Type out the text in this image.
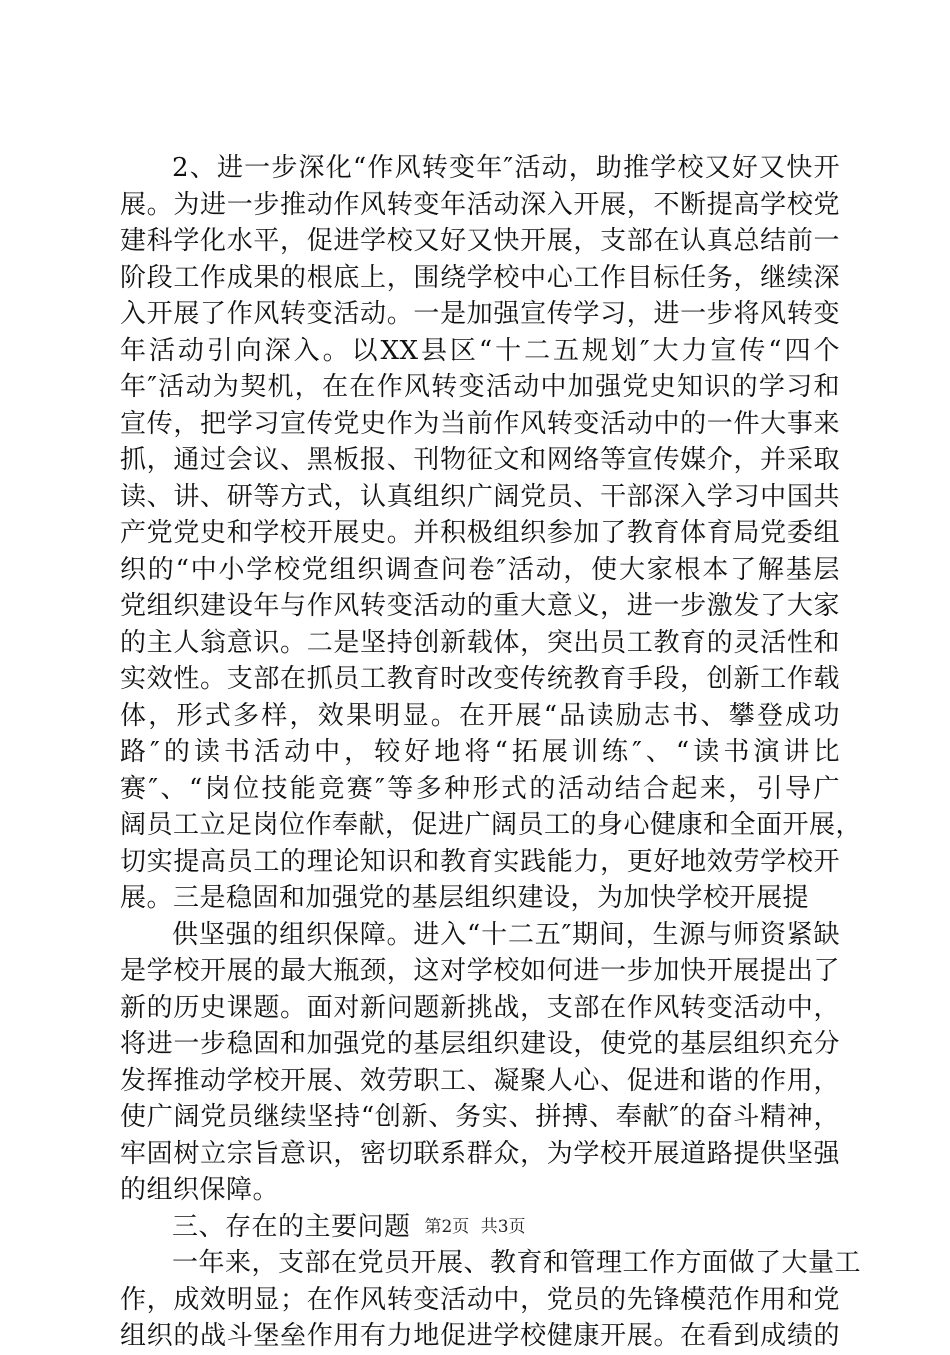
2、进一步深化“作风转变年″活动，助推学校又好又快开
展。为进一步推动作风转变年活动深入开展，不断提高学校党
建科学化水平，促进学校又好又快开展，支部在认真总结前一
阶段工作成果的根底上，围绕学校中心工作目标任务，继续深
入开展了作风转变活动。一是加强宣传学习，进一步将风转变
年活动引向深入。以XX县区“十二五规划″大力宣传“四个
年″活动为契机，在在作风转变活动中加强党史知识的学习和
宣传，把学习宣传党史作为当前作风转变活动中的一件大事来
抓，通过会议、黑板报、刊物征文和网络等宣传媒介，并采取
读、讲、研等方式，认真组织广阔党员、干部深入学习中国共
产党党史和学校开展史。并积极组织参加了教育体育局党委组
织的“中小学校党组织调查问卷″活动，使大家根本了解基层
党组织建设年与作风转变活动的重大意义，进一步激发了大家
的主人翁意识。二是坚持创新载体，突出员工教育的灵活性和
实效性。支部在抓员工教育时改变传统教育手段，创新工作载
体，形式多样，效果明显。在开展“品读励志书、攀登成功
路″的读书活动中，较好地将“拓展训练″、“读书演讲比
赛″、“岗位技能竞赛″等多种形式的活动结合起来，引导广
阔员工立足岗位作奉献，促进广阔员工的身心健康和全面开展，
切实提高员工的理论知识和教育实践能力，更好地效劳学校开
展。三是稳固和加强党的基层组织建设，为加快学校开展提
供坚强的组织保障。进入“十二五″期间，生源与师资紧缺
是学校开展的最大瓶颈，这对学校如何进一步加快开展提出了
新的历史课题。面对新问题新挑战，支部在作风转变活动中，
将进一步稳固和加强党的基层组织建设，使党的基层组织充分
发挥推动学校开展、效劳职工、凝聚人心、促进和谐的作用，
使广阔党员继续坚持“创新、务实、拼搏、奉献″的奋斗精神，
牢固树立宗旨意识，密切联系群众，为学校开展道路提供坚强
的组织保障。
三、存在的主要问题
一年来，支部在党员开展、教育和管理工作方面做了大量工
作，成效明显；在作风转变活动中，党员的先锋模范作用和党
组织的战斗堡垒作用有力地促进学校健康开展。在看到成绩的
第2页 共3页
